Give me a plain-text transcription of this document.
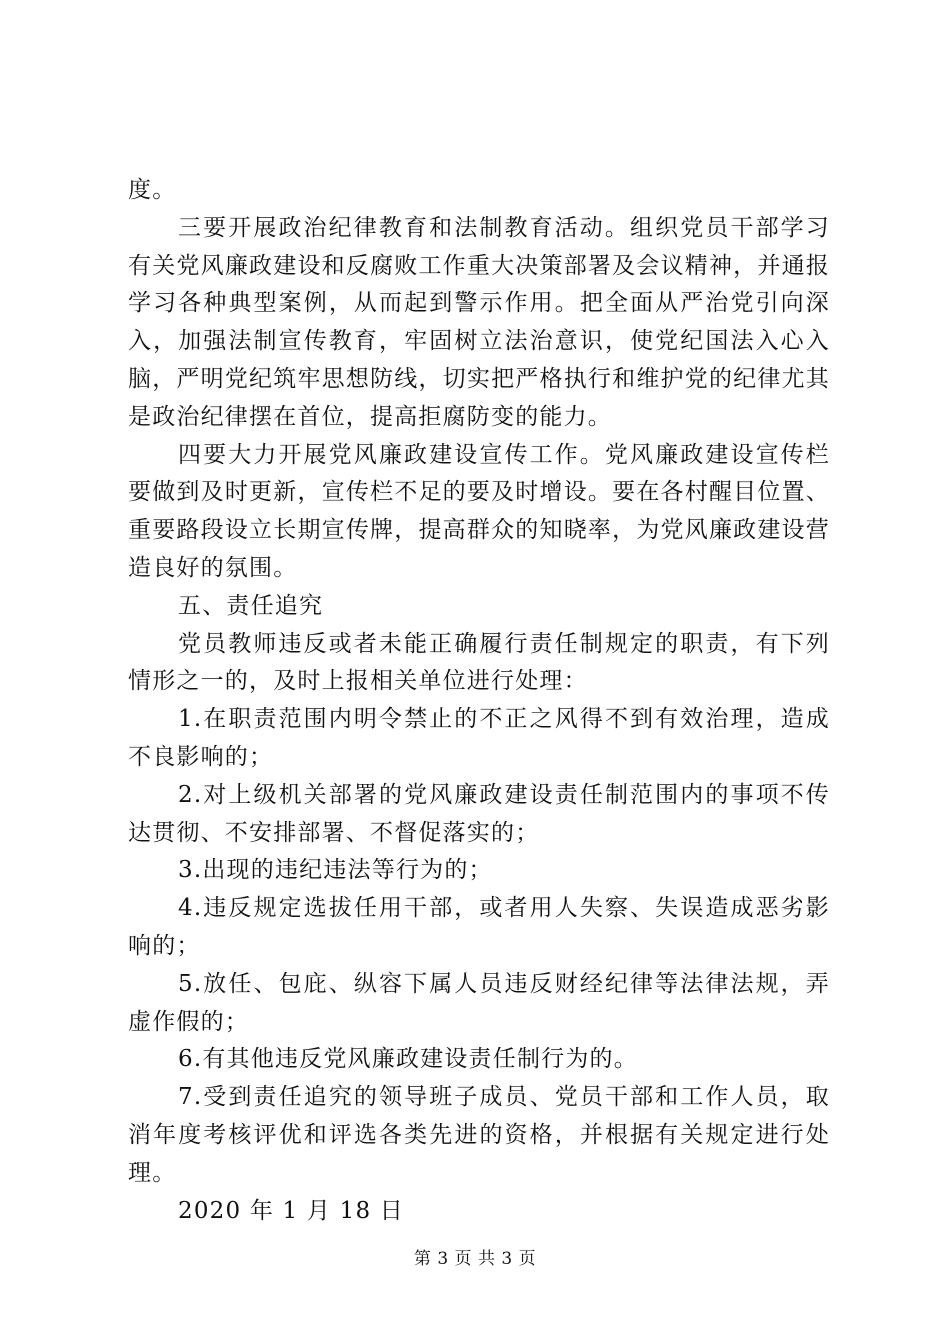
度。

三要开展政治纪律教育和法制教育活动。组织党员干部学习有关党风廉政建设和反腐败工作重大决策部署及会议精神，并通报学习各种典型案例，从而起到警示作用。把全面从严治党引向深入，加强法制宣传教育，牢固树立法治意识，使党纪国法入心入脑，严明党纪筑牢思想防线，切实把严格执行和维护党的纪律尤其是政治纪律摆在首位，提高拒腐防变的能力。

四要大力开展党风廉政建设宣传工作。党风廉政建设宣传栏要做到及时更新，宣传栏不足的要及时增设。要在各村醒目位置、重要路段设立长期宣传牌，提高群众的知晓率，为党风廉政建设营造良好的氛围。

五、责任追究

党员教师违反或者未能正确履行责任制规定的职责，有下列情形之一的，及时上报相关单位进行处理：

1.在职责范围内明令禁止的不正之风得不到有效治理，造成不良影响的；

2.对上级机关部署的党风廉政建设责任制范围内的事项不传达贯彻、不安排部署、不督促落实的；

3.出现的违纪违法等行为的；

4.违反规定选拔任用干部，或者用人失察、失误造成恶劣影响的；

5.放任、包庇、纵容下属人员违反财经纪律等法律法规，弄虚作假的；

6.有其他违反党风廉政建设责任制行为的。

7.受到责任追究的领导班子成员、党员干部和工作人员，取消年度考核评优和评选各类先进的资格，并根据有关规定进行处理。

2020 年 1 月 18 日

第 3 页 共 3 页
